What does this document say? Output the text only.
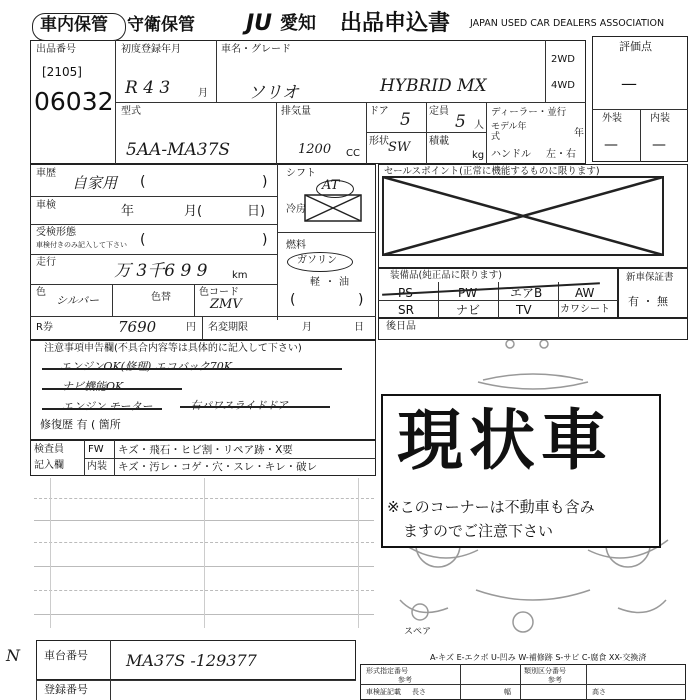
車内保管 守衛保管 JU 愛知 出品申込書 JAPAN USED CAR DEALERS ASSOCIATION
出品番号
[2105]
06032
初度登録年月
R 4 3	月
車名・グレード
ソリオ	HYBRID MX
2WD
4WD
型式
5AA-MA37S
排気量
1200 CC
ドア 5
形状 SW
定員
5 人
積載
kg
ディーラー・並行
モデル年式	年
ハンドル 左・右
評価点
—
外装	内装
— —
車歴
自家用 (	)
車検	年	月(	日)
受検形態
車検付きのみ記入して下さい (	)
走行	万 3千6 9 9 km
色
シルバー	色替	色コード
ZMV
R券	7690	円 名変期限	月	日
シフト
AT
冷房
燃料
ガソリン
軽 ・ 油
(	)
セールスポイント(正常に機能するものに限ります)
装備品(純正品に限ります)
PS	PW	エアB	AW
SR	ナビ	TV	カワシート
新車保証書
有 ・ 無
後日品
注意事項申告欄(不具合内容等は具体的に記入して下さい)
エンジンOK(修理) エコバック70K
ナビ機能OK
エンジン モーター	右パワスライドドア
修復歴 有 ( 箇所
検査員
記入欄
FW キズ・飛石・ヒビ割・リペア跡・X要
内装 キズ・汚レ・コゲ・穴・スレ・キレ・破レ
スペア
A-キズ E-エクボ U-凹み W-補修跡 S-サビ C-腐食 XX-交換済
現状車
※このコーナーは不動車も含み
ますのでご注意下さい
N 車台番号 MA37S -129377
登録番号
形式指定番号
参考
類別区分番号
参考
車検証記載 長さ	幅	高さ
